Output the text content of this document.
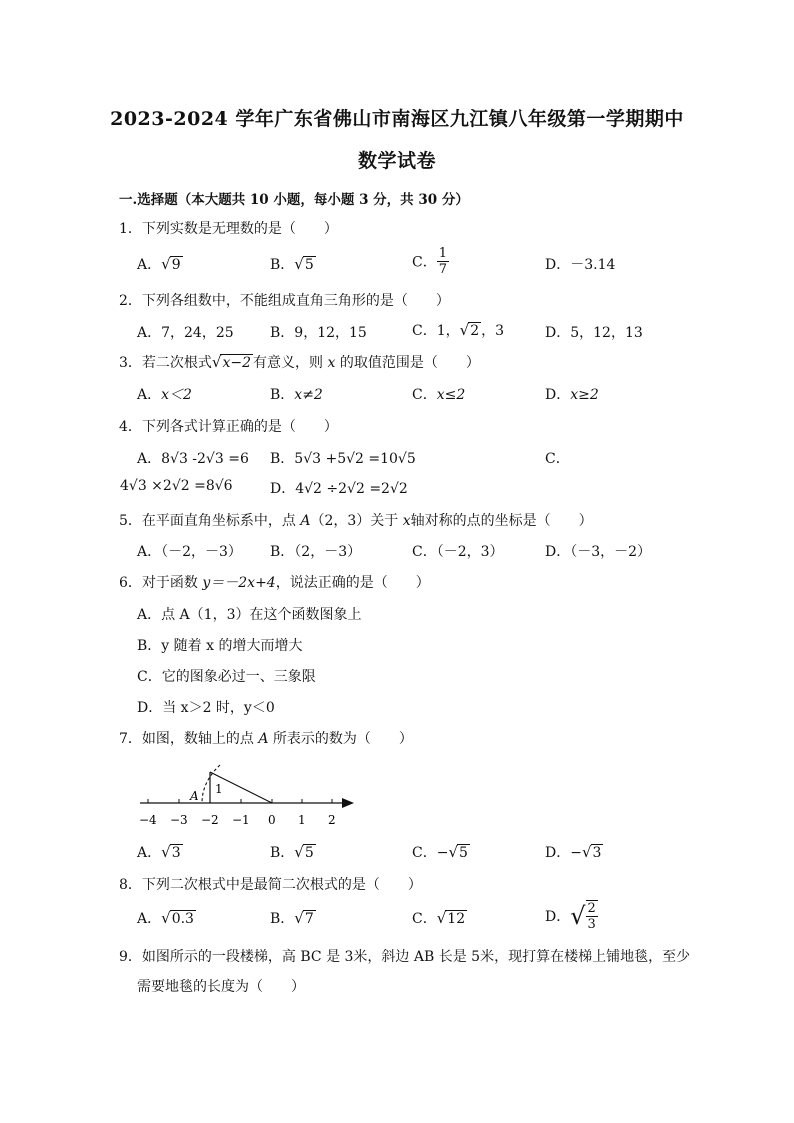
2023-2024 学年广东省佛山市南海区九江镇八年级第一学期期中
数学试卷
一.选择题（本大题共 10 小题，每小题 3 分，共 30 分）
1．下列实数是无理数的是（　　）
A．√9	B．√5	C． $\frac{1}{7}$	D．－3.14
2．下列各组数中，不能组成直角三角形的是（　　）
A．7，24，25	B．9，12，15	C．1，√2 ，3	D．5，12，13
3．若二次根式√x−2 有意义，则 x 的取值范围是（　　）
A．x＜2	B．x≠2	C．x≤2	D．x≥2
4．下列各式计算正确的是（　　）
A．8√3 -2√3 =6 B．5√3 +5√2 =10√5	C．
4√3 ×2√2 =8√6	D．4√2 ÷2√2 =2√2
5．在平面直角坐标系中，点 A（2，3）关于 x轴对称的点的坐标是（　　）
A．（－2，－3） B．（2，－3）	C．（－2，3）	D．（－3，－2）
6．对于函数 y＝－2x+4，说法正确的是（　　）
A．点 A（1，3）在这个函数图象上
B．y 随着 x 的增大而增大
C．它的图象必过一、三象限
D．当 x＞2 时，y＜0
7．如图，数轴上的点 A 所表示的数为（　　）
A 1
−4 −3 −2 −1 0 1 2
A．√3	B．√5	C．−√5	D．−√3
8．下列二次根式中是最简二次根式的是（　　）
A．√0.3	B．√7	C．√12	D．√ $\frac{2}{3}$
9．如图所示的一段楼梯，高 BC 是 3米，斜边 AB 长是 5米，现打算在楼梯上铺地毯，至少
需要地毯的长度为（　　）
